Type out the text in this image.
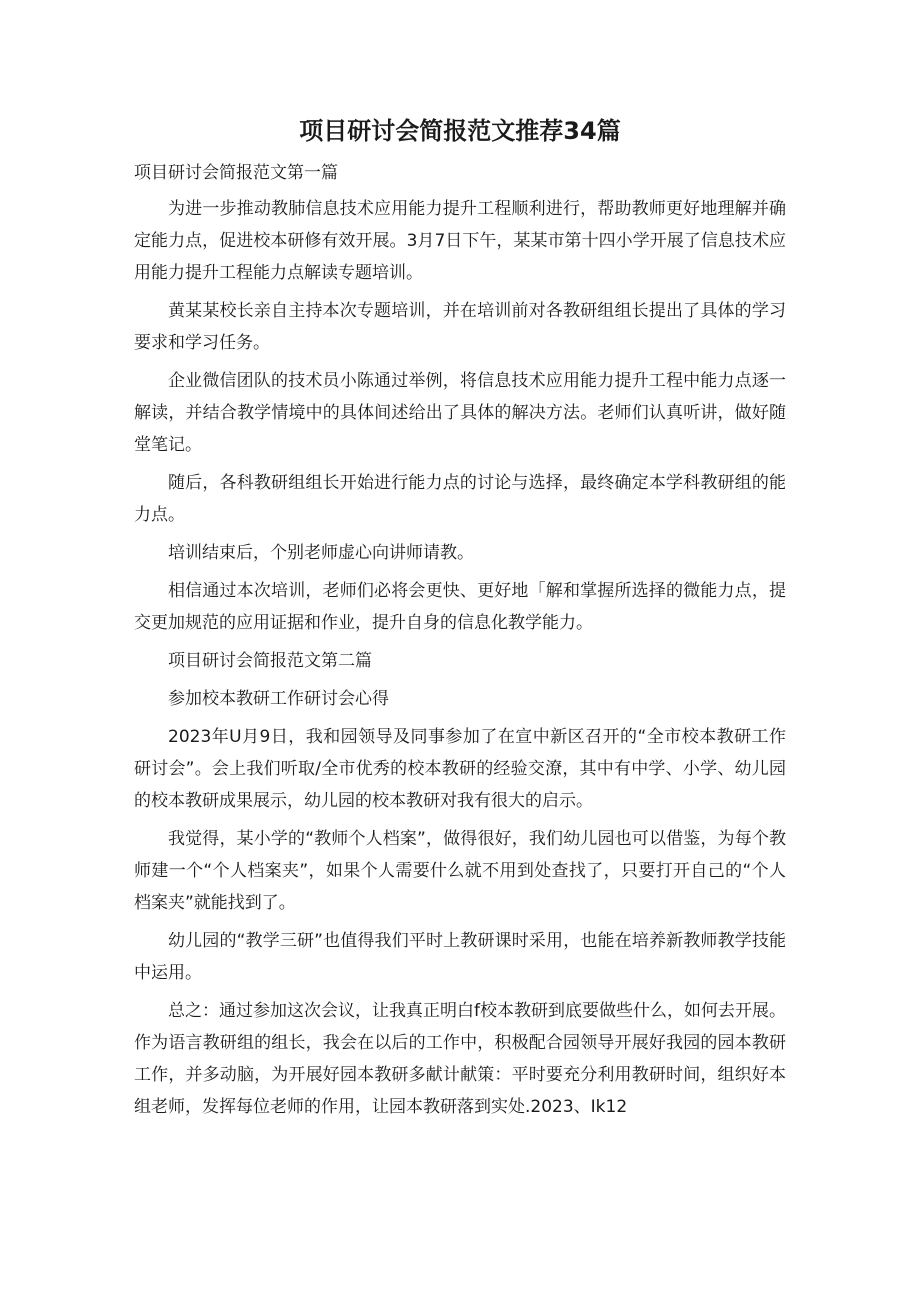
项目研讨会简报范文推荐34篇

项目研讨会简报范文第一篇

为进一步推动教肺信息技术应用能力提升工程顺利进行，帮助教师更好地理解并确定能力点，促进校本研修有效开展。3月7日下午，某某市第十四小学开展了信息技术应用能力提升工程能力点解读专题培训。

黄某某校长亲自主持本次专题培训，并在培训前对各教研组组长提出了具体的学习要求和学习任务。

企业微信团队的技术员小陈通过举例，将信息技术应用能力提升工程中能力点逐一解读，并结合教学情境中的具体间述给出了具体的解决方法。老师们认真听讲，做好随堂笔记。

随后，各科教研组组长开始进行能力点的讨论与选择，最终确定本学科教研组的能力点。

培训结束后，个别老师虚心向讲师请教。

相信通过本次培训，老师们必将会更快、更好地「解和掌握所选择的微能力点，提交更加规范的应用证据和作业，提升自身的信息化教学能力。

项目研讨会简报范文第二篇

参加校本教研工作研讨会心得

2023年U月9日，我和园领导及同事参加了在宣中新区召开的“全市校本教研工作研讨会”。会上我们听取/全市优秀的校本教研的经验交潦，其中有中学、小学、幼儿园的校本教研成果展示，幼儿园的校本教研对我有很大的启示。

我觉得，某小学的“教师个人档案”，做得很好，我们幼儿园也可以借鉴，为每个教师建一个“个人档案夹”，如果个人需要什么就不用到处查找了，只要打开自己的“个人档案夹”就能找到了。

幼儿园的“教学三研”也值得我们平时上教研课时采用，也能在培养新教师教学技能中运用。

总之：通过参加这次会议，让我真正明白f校本教研到底要做些什么，如何去开展。作为语言教研组的组长，我会在以后的工作中，积极配合园领导开展好我园的园本教研工作，并多动脑，为开展好园本教研多献计献策：平时要充分利用教研时间，组织好本组老师，发挥每位老师的作用，让园本教研落到实处.2023、Ik12
